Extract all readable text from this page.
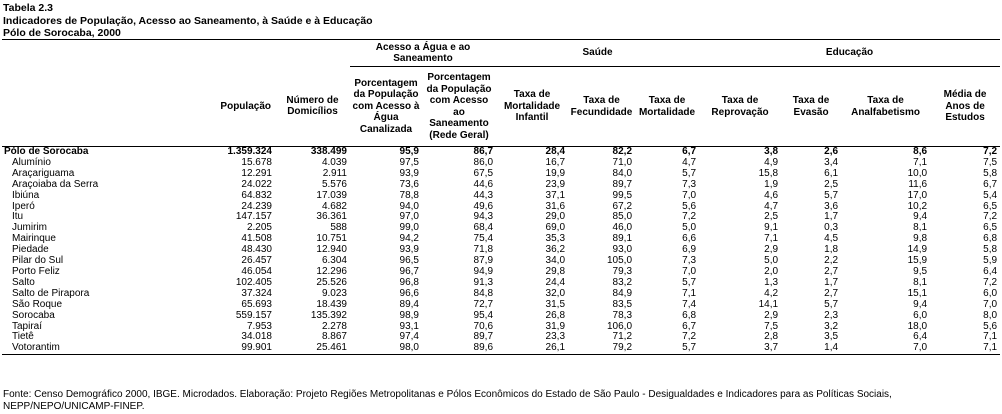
Tabela 2.3
Indicadores de População, Acesso ao Saneamento, à Saúde e à Educação
Pólo de Sorocaba, 2000
			Acesso a Água e ao Saneamento		Saúde			Educação			
	População	Número de Domicílios	Porcentagem da População com Acesso à Água Canalizada	Porcentagem da População com Acesso ao Saneamento (Rede Geral)	Taxa de Mortalidade Infantil	Taxa de Fecundidade	Taxa de Mortalidade	Taxa de Reprovação	Taxa de Evasão	Taxa de Analfabetismo	Média de Anos de Estudos
Pólo de Sorocaba	1.359.324	338.499	95,9	86,7	28,4	82,2	6,7	3,8	2,6	8,6	7,2
Alumínio	15.678	4.039	97,5	86,0	16,7	71,0	4,7	4,9	3,4	7,1	7,5
Araçariguama	12.291	2.911	93,9	67,5	19,9	84,0	5,7	15,8	6,1	10,0	5,8
Araçoiaba da Serra	24.022	5.576	73,6	44,6	23,9	89,7	7,3	1,9	2,5	11,6	6,7
Ibiúna	64.832	17.039	78,8	44,3	37,1	99,5	7,0	4,6	5,7	17,0	5,4
Iperó	24.239	4.682	94,0	49,6	31,6	67,2	5,6	4,7	3,6	10,2	6,5
Itu	147.157	36.361	97,0	94,3	29,0	85,0	7,2	2,5	1,7	9,4	7,2
Jumirim	2.205	588	99,0	68,4	69,0	46,0	5,0	9,1	0,3	8,1	6,5
Mairinque	41.508	10.751	94,2	75,4	35,3	89,1	6,6	7,1	4,5	9,8	6,8
Piedade	48.430	12.940	93,9	71,8	36,2	93,0	6,9	2,9	1,8	14,9	5,8
Pilar do Sul	26.457	6.304	96,5	87,9	34,0	105,0	7,3	5,0	2,2	15,9	5,9
Porto Feliz	46.054	12.296	96,7	94,9	29,8	79,3	7,0	2,0	2,7	9,5	6,4
Salto	102.405	25.526	96,8	91,3	24,4	83,2	5,7	1,3	1,7	8,1	7,2
Salto de Pirapora	37.324	9.023	96,6	84,8	32,0	84,9	7,1	4,2	2,7	15,1	6,0
São Roque	65.693	18.439	89,4	72,7	31,5	83,5	7,4	14,1	5,7	9,4	7,0
Sorocaba	559.157	135.392	98,9	95,4	26,8	78,3	6,8	2,9	2,3	6,0	8,0
Tapiraí	7.953	2.278	93,1	70,6	31,9	106,0	6,7	7,5	3,2	18,0	5,6
Tietê	34.018	8.867	97,4	89,7	23,3	71,2	7,2	2,8	3,5	6,4	7,1
Votorantim	99.901	25.461	98,0	89,6	26,1	79,2	5,7	3,7	1,4	7,0	7,1
Fonte: Censo Demográfico 2000, IBGE. Microdados. Elaboração: Projeto Regiões Metropolitanas e Pólos Econômicos do Estado de São Paulo - Desigualdades e Indicadores para as Políticas Sociais, NEPP/NEPO/UNICAMP-FINEP.
